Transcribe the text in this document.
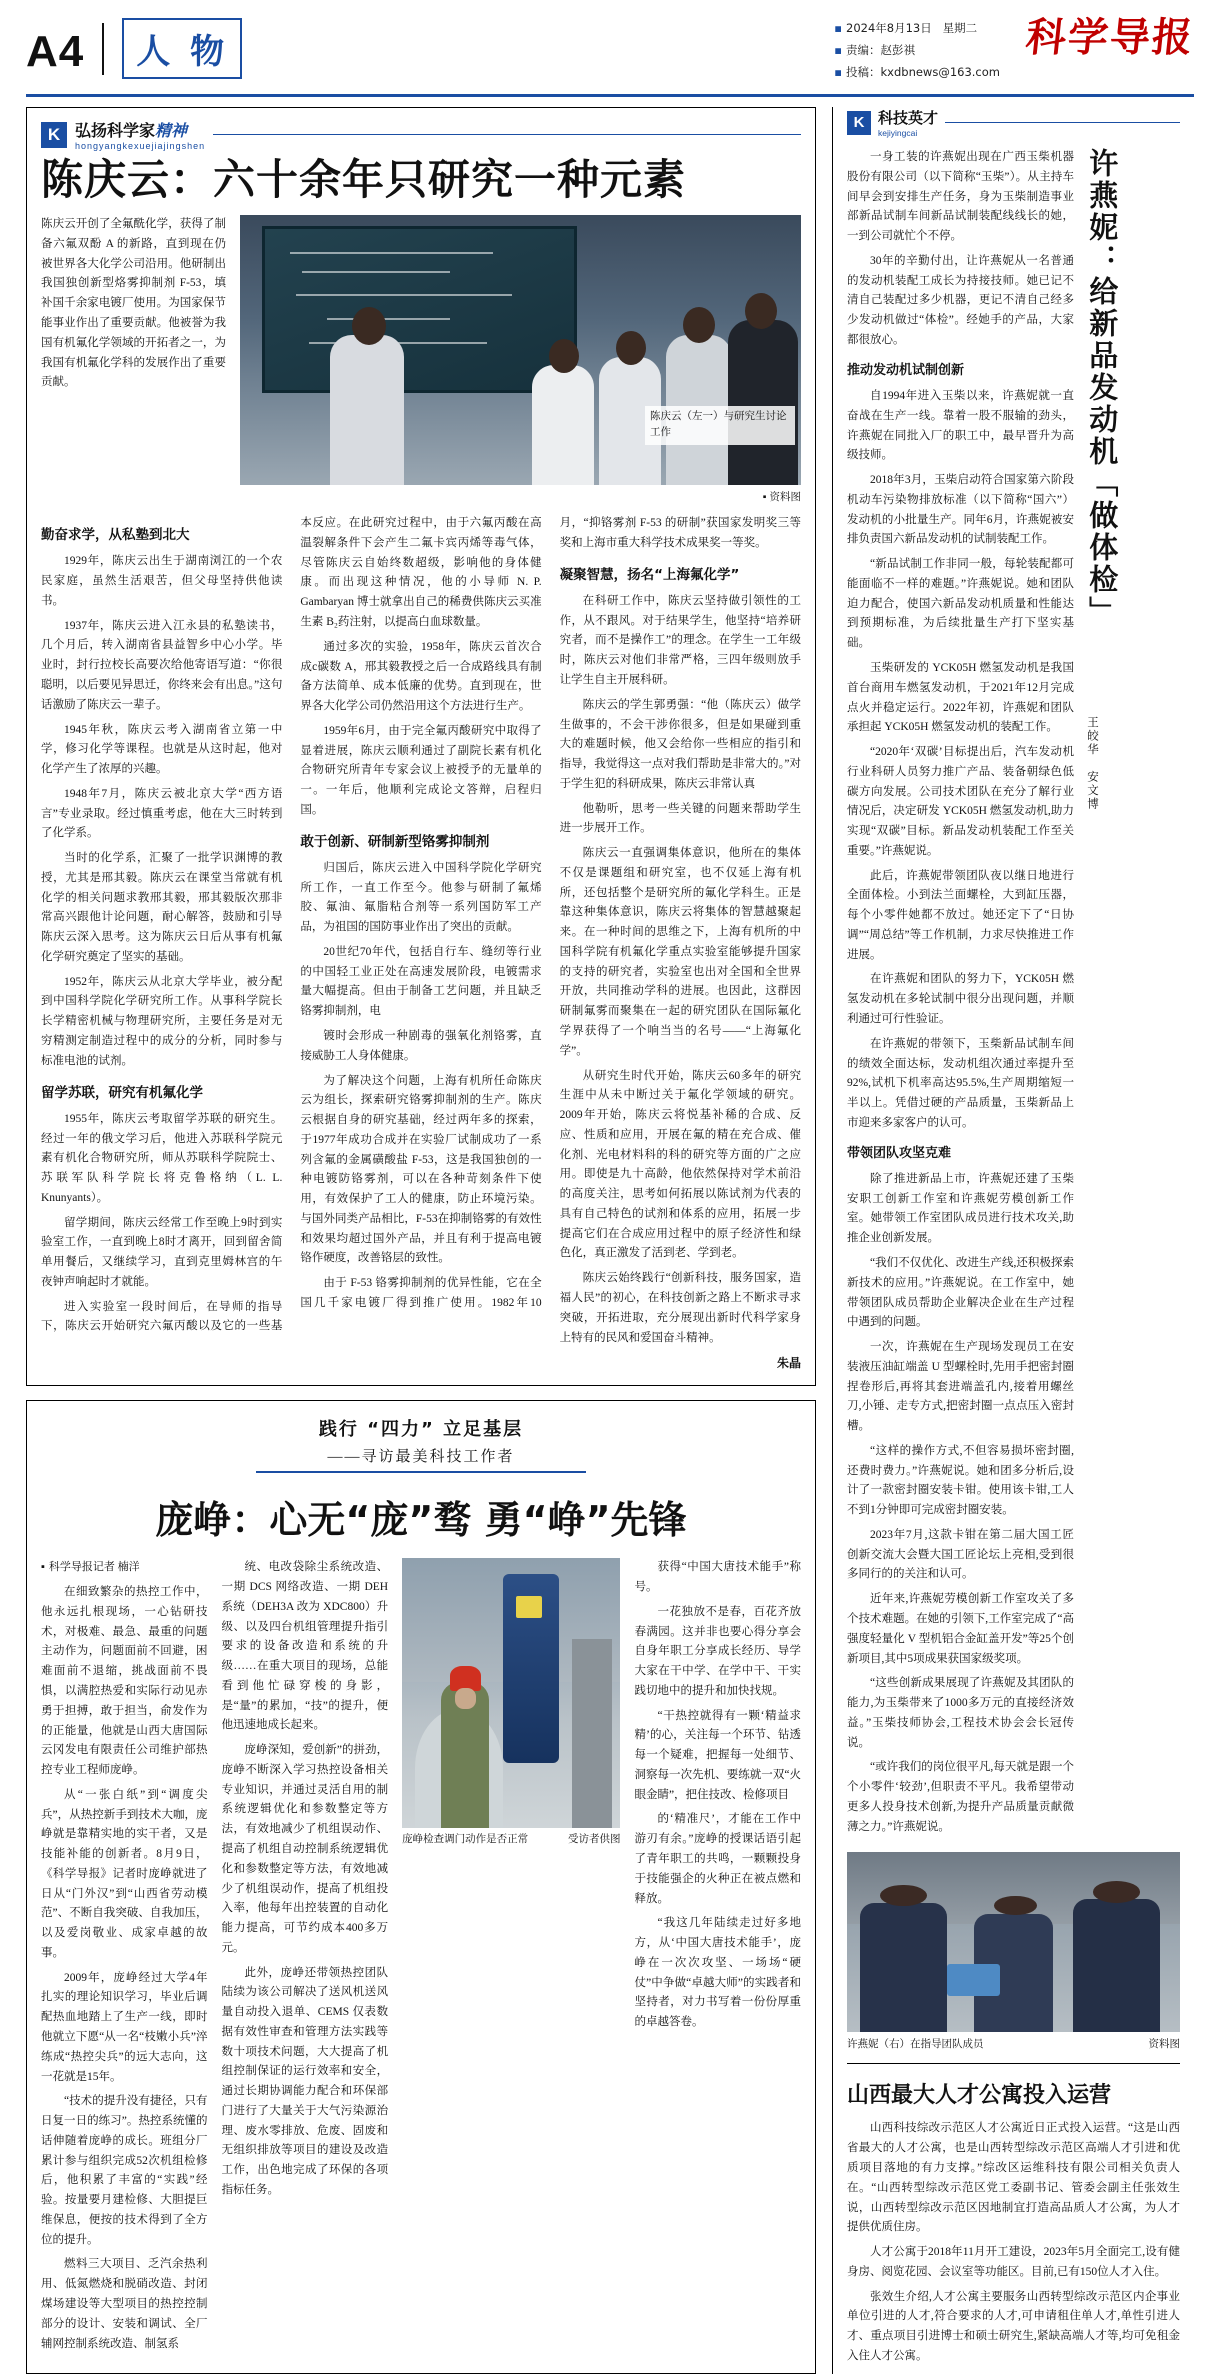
A4 人 物
▪ 2024年8月13日 星期二
▪ 责编：赵彭祺
▪ 投稿：kxdbnews@163.com
科学导报
K 弘扬科学家精神
hongyangkexuejiajingshen
陈庆云：六十余年只研究一种元素
陈庆云开创了全氟酰化学，获得了制备六氟双酚 A 的新路，直到现在仍被世界各大化学公司沿用。他研制出我国独创新型烙雾抑制剂 F-53，填补国千余家电镀厂使用。为国家保节能事业作出了重要贡献。他被誉为我国有机氟化学领域的开拓者之一，为我国有机氟化学科的发展作出了重要贡献。
陈庆云（左一）与研究生讨论工作
▪ 资料图
勤奋求学，从私塾到北大

1929年，陈庆云出生于湖南浏江的一个农民家庭，虽然生活艰苦，但父母坚持供他读书。

1937年，陈庆云进入江永县的私塾读书，几个月后，转入湖南省县益智乡中心小学。毕业时，封行拉校长高要次给他寄语写道：“你很聪明，以后要见异思迁，你终来会有出息。”这句话激励了陈庆云一辈子。

1945年秋，陈庆云考入湖南省立第一中学，修习化学等课程。也就是从这时起，他对化学产生了浓厚的兴趣。

1948年7月，陈庆云被北京大学“西方语言”专业录取。经过慎重考虑，他在大三时转到了化学系。

当时的化学系，汇聚了一批学识渊博的教授，尤其是邢其毅。陈庆云在课堂当常就有机化学的相关问题求教邢其毅，邢其毅版次那非常高兴跟他计论问题，耐心解答，鼓励和引导陈庆云深入思考。这为陈庆云日后从事有机氟化学研究奠定了坚实的基础。

1952年，陈庆云从北京大学毕业，被分配到中国科学院化学研究所工作。从事科学院长长学精密机械与物理研究所，主要任务是对无穷精测定制造过程中的成分的分析，同时参与标准电池的试剂。

留学苏联，研究有机氟化学

1955年，陈庆云考取留学苏联的研究生。经过一年的俄文学习后，他进入苏联科学院元素有机化合物研究所，师从苏联科学院院士、苏联军队科学院长将克鲁格纳（L. L. Knunyants）。

留学期间，陈庆云经常工作至晚上9时到实验室工作，一直到晚上8时才离开，回到留舍简单用餐后，又继续学习，直到克里姆林宫的午夜钟声响起时才就能。

进入实验室一段时间后，在导师的指导下，陈庆云开始研究六氟丙酸以及它的一些基本反应。在此研究过程中，由于六氟丙酸在高温裂解条件下会产生二氟卡宾丙烯等毒气体，尽管陈庆云自始终数超级，影响他的身体健康。而出现这种情况，他的小导师 N. P. Gambaryan 博士就拿出自己的稀费供陈庆云买准生素 B₂药注射，以提高白血球数量。

通过多次的实验，1958年，陈庆云首次合成c碳数 A，邢其毅教授之后一合成路线具有制备方法简单、成本低廉的优势。直到现在，世界各大化学公司仍然沿用这个方法进行生产。

1959年6月，由于完全氟丙酸研究中取得了显着进展，陈庆云顺利通过了副院长素有机化合物研究所青年专家会议上被授予的无量单的一。一年后，他顺利完成论文答辩，启程归国。

敢于创新、研制新型铬雾抑制剂

归国后，陈庆云进入中国科学院化学研究所工作，一直工作至今。他参与研制了氟烯胶、氟油、氟脂粘合剂等一系列国防军工产品，为祖国的国防事业作出了突出的贡献。

20世纪70年代，包括自行车、缝纫等行业的中国轻工业正处在高速发展阶段，电镀需求量大幅提高。但由于制备工艺问题，并且缺乏铬雾抑制剂，电

镀时会形成一种剧毒的强氧化剂铬雾，直接威胁工人身体健康。

为了解决这个问题，上海有机所任命陈庆云为组长，探索研究铬雾抑制剂的生产。陈庆云根据自身的研究基础，经过两年多的探索，于1977年成功合成并在实验厂试制成功了一系列含氟的金属磺酸盐 F-53，这是我国独创的一种电镀防铬雾剂，可以在各种苛刻条件下使用，有效保护了工人的健康，防止环境污染。与国外同类产品相比，F-53在抑制铬雾的有效性和效果均超过国外产品，并且有利于提高电镀铬作硬度，改善铬层的致性。

由于 F-53 铬雾抑制剂的优异性能，它在全国几千家电镀厂得到推广使用。1982年10月，“抑铬雾剂 F-53 的研制”获国家发明奖三等奖和上海市重大科学技术成果奖一等奖。

凝聚智慧，扬名“上海氟化学”

在科研工作中，陈庆云坚持做引领性的工作，从不跟风。对于结果学生，他坚持“培养研究者，而不是操作工”的理念。在学生一工年级时，陈庆云对他们非常严格，三四年级则放手让学生自主开展科研。

陈庆云的学生郭勇强：“他（陈庆云）做学生做事的，不会干涉你很多，但是如果碰到重大的难题时候，他又会给你一些相应的指引和指导，我觉得这一点对我们帮助是非常大的。”对于学生犯的科研成果，陈庆云非常认真

他勒听，思考一些关键的问题来帮助学生进一步展开工作。

陈庆云一直强调集体意识，他所在的集体不仅是课题组和研究室，也不仅延上海有机所，还包括整个是研究所的氟化学科生。正是靠这种集体意识，陈庆云将集体的智慧越聚起来。在一种时间的思维之下，上海有机所的中国科学院有机氟化学重点实验室能够提升国家的支持的研究者，实验室也出对全国和全世界开放，共同推动学科的进展。也因此，这群因研制氟雾而聚集在一起的研究团队在国际氟化学界获得了一个响当当的名号——“上海氟化学”。

从研究生时代开始，陈庆云60多年的研究生涯中从未中断过关于氟化学领域的研究。2009年开始，陈庆云将悦基补稀的合成、反应、性质和应用，开展在氟的精在充合成、催化剂、光电材料科的科的研究等方面的广之应用。即使是九十高龄，他依然保持对学术前沿的高度关注，思考如何拓展以陈试剂为代表的具有自己特色的试剂和体系的应用，拓展一步提高它们在合成应用过程中的原子经济性和绿色化，真正激发了活到老、学到老。

陈庆云始终践行“创新科技，服务国家，造福人民”的初心，在科技创新之路上不断求寻求突破，开拓进取，充分展现出新时代科学家身上特有的民风和爱国奋斗精神。

朱晶
践行 “四力” 立足基层
——寻访最美科技工作者
庞峥：心无“庞”骛 勇“峥”先锋
▪ 科学导报记者 楠洋

在细致繁杂的热控工作中，他永远扎根现场，一心钻研技术，对极难、最急、最重的问题主动作为，问题面前不回避，困难面前不退缩，挑战面前不畏惧，以满腔热爱和实际行动见赤勇于担搏，敢于担当，俞发作为的正能量，他就是山西大唐国际云冈发电有限责任公司维护部热控专业工程师庞峥。

从“一张白纸”到“调度尖兵”，从热控新手到技术大咖，庞峥就是靠精实地的实干者，又是技能补能的创新者。8月9日，《科学导报》记者时庞峥就进了日从“门外汉”到“山西省劳动模范”、不断自我突破、自我加压，以及爱岗敬业、成家卓越的故事。

2009年，庞峥经过大学4年扎实的理论知识学习，毕业后调配热血地踏上了生产一线，即时他就立下愿“从一名“枝嫩小兵”淬练成“热控尖兵”的远大志向，这一花就是15年。

“技术的提升没有捷径，只有日复一日的练习”。热控系统懂的话伸随着庞峥的成长。班组分厂累计参与组织完成52次机组检修后，他积累了丰富的“实践”经验。按量要月建检修、大胆提巨维保息，便按的技术得到了全方位的提升。

燃料三大项目、乏汽余热利用、低氮燃烧和脱硝改造、封闭煤场建设等大型项目的热控控制部分的设计、安装和调试、全厂辅网控制系统改造、制氢系

统、电改袋除尘系统改造、一期 DCS 网络改造、一期 DEH 系统（DEH3A 改为 XDC800）升级、以及四台机组管理提升指引要求的设备改造和系统的升级……在重大项目的现场，总能看到他忙碌穿梭的身影，是“量”的累加，“技”的提升，便他迅速地成长起来。

庞峥深知，爱创新”的拼劲，庞峥不断深入学习热控设备相关专业知识，并通过灵活自用的制系统逻辑优化和参数整定等方法，有效地减少了机组误动作、提高了机组自动控制系统逻辑优化和参数整定等方法，有效地减少了机组误动作，提高了机组投入率，他每年出控装置的自动化能力提高，可节约成本400多万元。

此外，庞峥还带领热控团队陆续为该公司解决了送风机送风量自动投入退单、CEMS 仅表数据有效性审查和管理方法实践等数十项技术问题，大大提高了机组控制保证的运行效率和安全，通过长期协调能力配合和环保部门进行了大量关于大气污染源治理、废水零排放、危废、固废和无组织排放等项目的建设及改造工作，出色地完成了环保的各项指标任务。

庞峥检查调门动作是否正常	受访者供图

获得“中国大唐技术能手”称号。

一花独放不是春，百花齐放春满园。这并非也要心得分享会自身年职工分享成长经历、导学大家在干中学、在学中干、干实践切地中的提升和加快找规。

“干热控就得有一颗‘精益求精’的心，关注每一个环节、钻透每一个疑难，把握每一处细节、洞察每一次先机、要练就一双“火眼金睛”，把住技改、检修项目

的‘精准尺’，才能在工作中游刃有余。”庞峥的授课话语引起了青年职工的共鸣，一颗颗投身于技能强企的火种正在被点燃和释放。

“我这几年陆续走过好多地方，从‘中国大唐技术能手’，庞峥在一次次攻坚、一场场“硬仗”中争做“卓越大师”的实践者和坚持者，对力书写着一份份厚重的卓越答卷。

K 科技英才
kejiyingcai

一身工装的许燕妮出现在广西玉柴机器股份有限公司（以下简称“玉柴”）。从主持车间早会到安排生产任务，身为玉柴制造事业部新品试制车间新品试制装配线线长的她，一到公司就忙个不停。

30年的辛勤付出，让许燕妮从一名普通的发动机装配工成长为持接技师。她已记不清自己装配过多少机器，更记不清自己经多少发动机做过“体检”。经她手的产品，大家都很放心。

推动发动机试制创新

自1994年进入玉柴以来，许燕妮就一直奋战在生产一线。靠着一股不服输的劲头，许燕妮在同批入厂的职工中，最早晋升为高级技师。

2018年3月，玉柴启动符合国家第六阶段机动车污染物排放标准（以下简称“国六”）发动机的小批量生产。同年6月，许燕妮被安排负责国六新品发动机的试制装配工作。

“新品试制工作非同一般，每轮装配都可能面临不一样的难题。”许燕妮说。她和团队迫力配合，使国六新品发动机质量和性能达到预期标准，为后续批量生产打下坚实基础。

玉柴研发的 YCK05H 燃氢发动机是我国首台商用车燃氢发动机，于2021年12月完成点火并稳定运行。2022年初，许燕妮和团队承担起 YCK05H 燃氢发动机的装配工作。

“2020年‘双碳’目标提出后，汽车发动机行业科研人员努力推广产品、装备朝绿色低碳方向发展。公司技术团队在充分了解行业情况后，决定研发 YCK05H 燃氢发动机,助力实现“双碳”目标。新品发动机装配工作至关重要。”许燕妮说。

此后，许燕妮带领团队夜以继日地进行全面体检。小到法兰面螺栓，大到缸压器，每个小零件她都不放过。她还定下了“日协调”“周总结”等工作机制，力求尽快推进工作进展。

在许燕妮和团队的努力下，YCK05H 燃氢发动机在多轮试制中很分出现问题，并顺利通过可行性验证。

在许燕妮的带领下，玉柴新品试制车间的绩效全面达标，发动机组次通过率提升至92%,试机下机率高达95.5%,生产周期缩短一半以上。凭借过硬的产品质量，玉柴新品上市迎来多家客户的认可。

带领团队攻坚克难

除了推进新品上市，许燕妮还建了玉柴安职工创新工作室和许燕妮劳模创新工作室。她带领工作室团队成员进行技术攻关,助推企业创新发展。

“我们不仅优化、改进生产线,还积极探索新技术的应用。”许燕妮说。在工作室中，她带领团队成员帮助企业解决企业在生产过程中遇到的问题。

一次，许燕妮在生产现场发现员工在安装液压油缸端盖 U 型螺栓时,先用手把密封圈捏卷形后,再将其套进端盖孔内,接着用螺丝刀,小锤、走专方式,把密封圈一点点压入密封槽。

“这样的操作方式,不但容易损坏密封圈,还费时费力。”许燕妮说。她和团多分析后,设计了一款密封圈安装卡钳。使用该卡钳,工人不到1分钟即可完成密封圈安装。

2023年7月,这款卡钳在第二届大国工匠创新交流大会暨大国工匠论坛上亮相,受到很多同行的的关注和认可。

近年来,许燕妮劳模创新工作室攻关了多个技术难题。在她的引领下,工作室完成了“高强度轻量化 V 型机铝合金缸盖开发”等25个创新项目,其中5项成果获国家级奖项。

“这些创新成果展现了许燕妮及其团队的能力,为玉柴带来了1000多万元的直接经济效益。”玉柴技师协会,工程技术协会会长冠传说。

“或许我们的岗位很平凡,每天就是跟一个个小零件‘较劲’,但职责不平凡。我希望带动更多人投身技术创新,为提升产品质量贡献微薄之力。”许燕妮说。

许燕妮：给新品发动机「做体检」
王皎华 安文博
许燕妮（右）在指导团队成员	资料图
山西最大人才公寓投入运营

山西科技综改示范区人才公寓近日正式投入运营。“这是山西省最大的人才公寓，也是山西转型综改示范区高端人才引进和优质项目落地的有力支撑。”综改区运维科技有限公司相关负责人在。“山西转型综改示范区党工委副书记、管委会副主任张效生说，山西转型综改示范区因地制宜打造高品质人才公寓，为人才提供优质住房。

人才公寓于2018年11月开工建设，2023年5月全面完工,设有健身房、阅览花园、会议室等功能区。目前,已有150位人才入住。

张效生介绍,人才公寓主要服务山西转型综改示范区内企事业单位引进的人才,符合要求的人才,可申请租住单人才,单性引进人才、重点项目引进博士和硕士研究生,紧缺高端人才等,均可免租金入住人才公寓。
